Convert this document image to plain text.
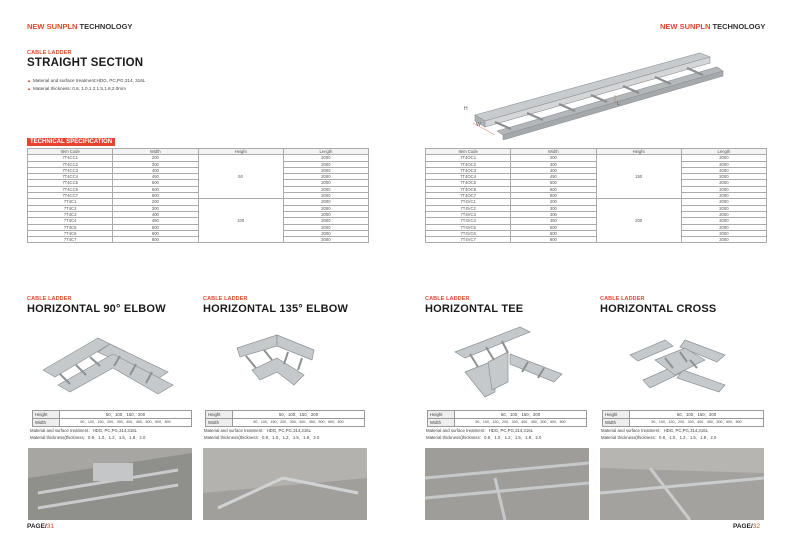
NEW SUNPLN TECHNOLOGY	NEW SUNPLN TECHNOLOGY
CABLE LADDER
STRAIGHT SECTION
▲ Material and surface treatment:HDG, PC,PG,314, 316L
▲ Material thickness: 0.8, 1.0,1.2,1.5,1.8,2.0mm
H
W
L
TECHNICAL SPECIFICATION
Item Code	Width	Height	Length
7T4CC1	200	50	2000
7T4CC2	300		2000
7T4CC3	400		2000
7T4CC4	450		2000
7T4CC5	500		2000
7T4CC6	600		2000
7T4CC7	800		2000
7T4C1	200	100	2000
7T4C2	300		2000
7T4C3	400		2000
7T4C4	450		2000
7T4C5	500		2000
7T4C6	600		2000
7T4C7	800		2000
Item Code	Width	Height	Length
7T4OC1	200	150	2000
7T4OC2	300		2000
7T4OC3	400		2000
7T4OC4	450		2000
7T4OC5	500		2000
7T4OC6	600		2000
7T4OC7	800		2000
7T4VC1	200	200	2000
7T4VC2	300		2000
7T4VC3	400		2000
7T4VC4	450		2000
7T4VC5	500		2000
7T4VC6	600		2000
7T4VC7	800		2000
CABLE LADDER
HORIZONTAL 90° ELBOW
Height	50、100、150、200
Width	50、100、150、200、300、400、450、500、600、800
Material and surface treatment：HDG, PC,PG,314,316L
Material thickness(thickness：0.8、1.0、1.2、1.5、1.8、2.0
CABLE LADDER
HORIZONTAL 135° ELBOW
Height	50、100、150、200
Width	50、100、150、200、300、400、450、500、600、800
Material and surface treatment：HDG, PC,PG,314,316L
Material thickness(thickness：0.8、1.0、1.2、1.5、1.8、2.0
CABLE LADDER
HORIZONTAL TEE
Height	50、100、150、200
Width	50、100、150、200、300、400、450、500、600、800
Material and surface treatment：HDG, PC,PG,314,316L
Material thickness(thickness：0.8、1.0、1.2、1.5、1.8、2.0
CABLE LADDER
HORIZONTAL CROSS
Height	50、100、150、200
Width	50、100、150、200、300、400、450、500、600、800
Material and surface treatment：HDG, PC,PG,314,316L
Material thickness(thickness：0.8、1.0、1.2、1.5、1.8、2.0
PAGE/31	PAGE/32
